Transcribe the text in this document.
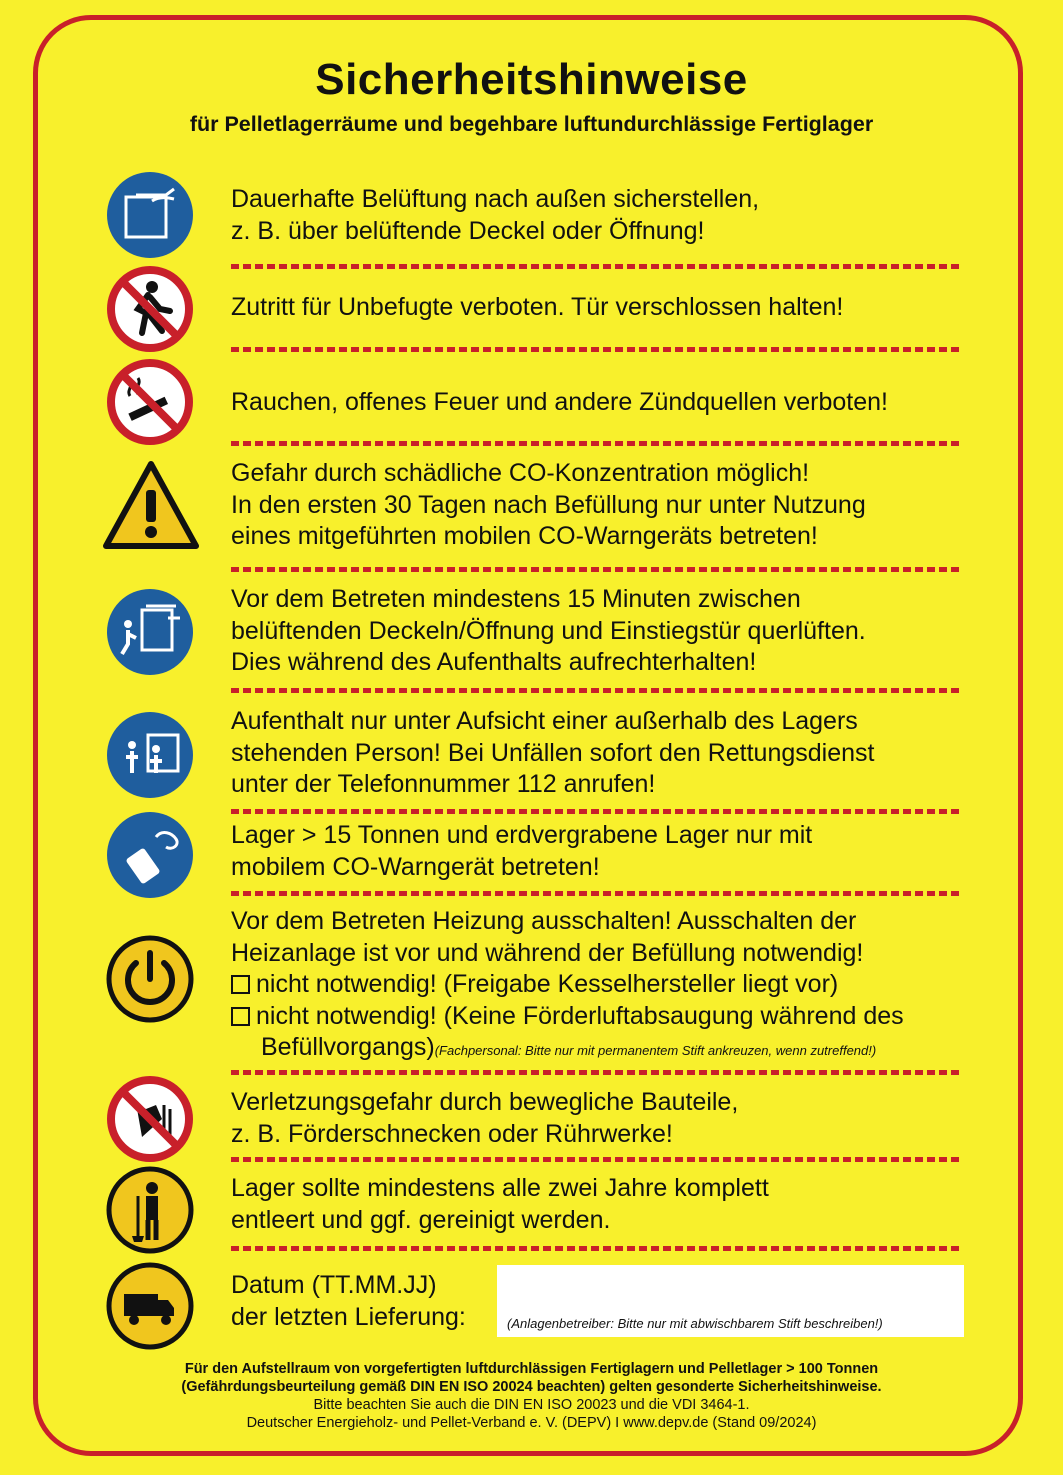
Sicherheitshinweise
für Pelletlagerräume und begehbare luftundurchlässige Fertiglager
Dauerhafte Belüftung nach außen sicherstellen,
z. B. über belüftende Deckel oder Öffnung!
Zutritt für Unbefugte verboten. Tür verschlossen halten!
Rauchen, offenes Feuer und andere Zündquellen verboten!
Gefahr durch schädliche CO-Konzentration möglich!
In den ersten 30 Tagen nach Befüllung nur unter Nutzung
eines mitgeführten mobilen CO-Warngeräts betreten!
Vor dem Betreten mindestens 15 Minuten zwischen
belüftenden Deckeln/Öffnung und Einstiegstür querlüften.
Dies während des Aufenthalts aufrechterhalten!
Aufenthalt nur unter Aufsicht einer außerhalb des Lagers
stehenden Person! Bei Unfällen sofort den Rettungsdienst
unter der Telefonnummer 112 anrufen!
Lager > 15 Tonnen und erdvergrabene Lager nur mit
mobilem CO-Warngerät betreten!
Vor dem Betreten Heizung ausschalten! Ausschalten der
Heizanlage ist vor und während der Befüllung notwendig!
nicht notwendig! (Freigabe Kesselhersteller liegt vor)
nicht notwendig! (Keine Förderluftabsaugung während des
Befüllvorgangs)(Fachpersonal: Bitte nur mit permanentem Stift ankreuzen, wenn zutreffend!)
Verletzungsgefahr durch bewegliche Bauteile,
z. B. Förderschnecken oder Rührwerke!
Lager sollte mindestens alle zwei Jahre komplett
entleert und ggf. gereinigt werden.
Datum (TT.MM.JJ)
der letzten Lieferung:	(Anlagenbetreiber: Bitte nur mit abwischbarem Stift beschreiben!)
Für den Aufstellraum von vorgefertigten luftdurchlässigen Fertiglagern und Pelletlager > 100 Tonnen
(Gefährdungsbeurteilung gemäß DIN EN ISO 20024 beachten) gelten gesonderte Sicherheitshinweise.
Bitte beachten Sie auch die DIN EN ISO 20023 und die VDI 3464-1.
Deutscher Energieholz- und Pellet-Verband e. V. (DEPV) I www.depv.de (Stand 09/2024)
